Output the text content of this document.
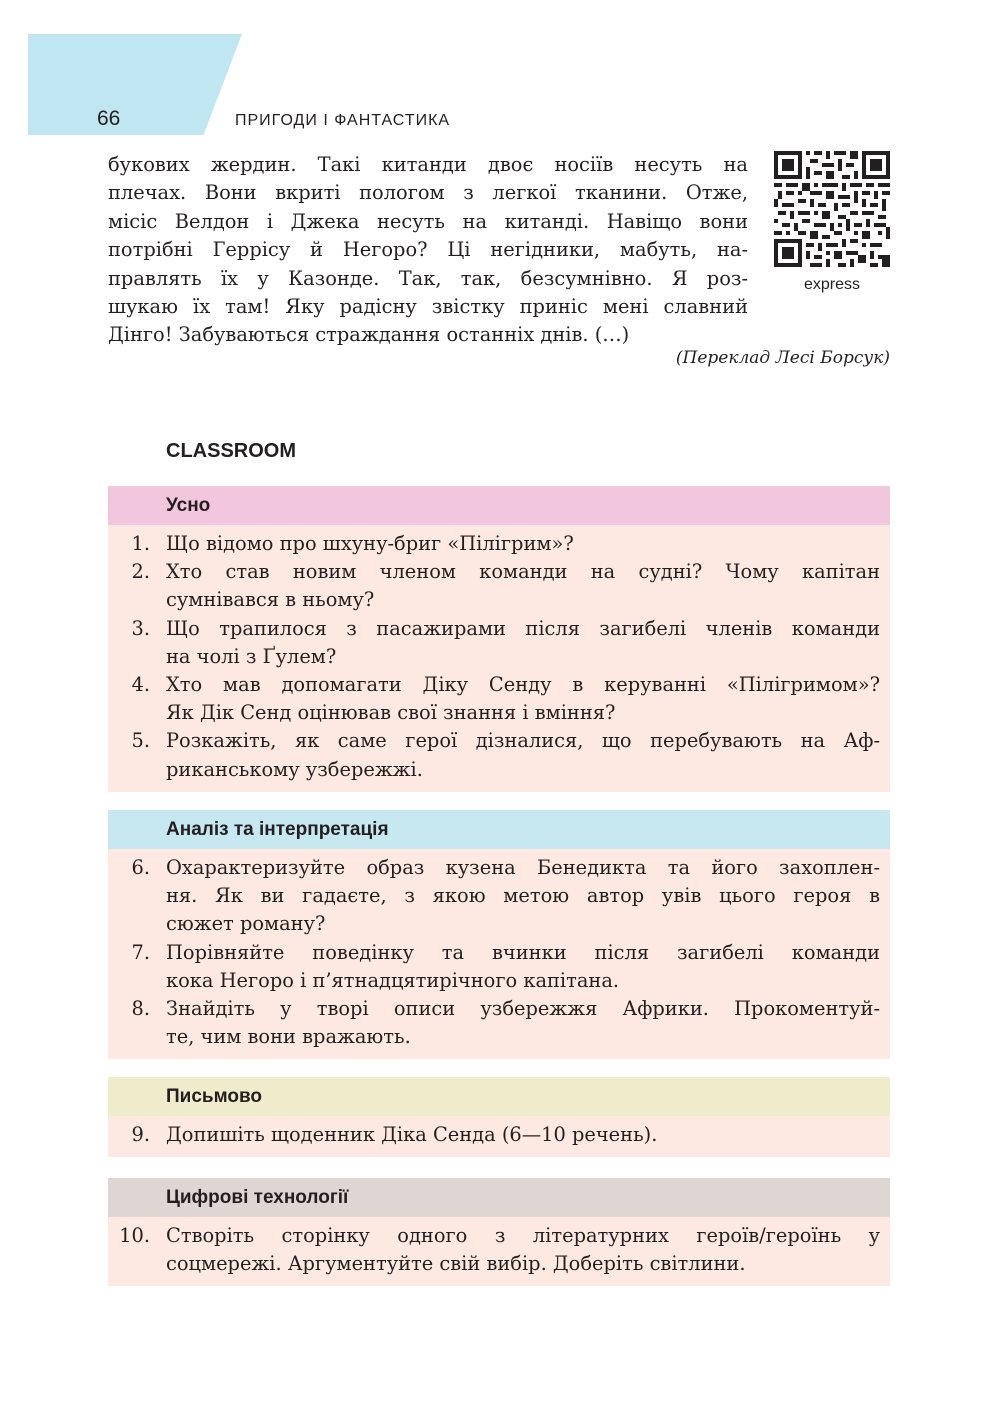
66	ПРИГОДИ І ФАНТАСТИКА
букових жердин. Такі китанди двоє носіїв несуть на
плечах. Вони вкриті пологом з легкої тканини. Отже,
місіс Велдон і Джека несуть на китанді. Навіщо вони
потрібні Геррісу й Негоро? Ці негідники, мабуть, на-
правлять їх у Казонде. Так, так, безсумнівно. Я роз-
шукаю їх там! Яку радісну звістку приніс мені славний
Дінго! Забуваються страждання останніх днів. (…)
express
(Переклад Лесі Борсук)
CLASSROOM
Усно
1. Що відомо про шхуну-бриг «Пілігрим»?
2. Хто став новим членом команди на судні? Чому капітан
сумнівався в ньому?
3. Що трапилося з пасажирами після загибелі членів команди
на чолі з Ґулем?
4. Хто мав допомагати Діку Сенду в керуванні «Пілігримом»?
Як Дік Сенд оцінював свої знання і вміння?
5. Розкажіть, як саме герої дізналися, що перебувають на Аф-
риканському узбережжі.
Аналіз та інтерпретація
6. Охарактеризуйте образ кузена Бенедикта та його захоплен-
ня. Як ви гадаєте, з якою метою автор увів цього героя в
сюжет роману?
7. Порівняйте поведінку та вчинки після загибелі команди
кока Негоро і п’ятнадцятирічного капітана.
8. Знайдіть у творі описи узбережжя Африки. Прокоментуй-
те, чим вони вражають.
Письмово
9. Допишіть щоденник Діка Сенда (6—10 речень).
Цифрові технології
10. Створіть сторінку одного з літературних героїв/героїнь у
соцмережі. Аргументуйте свій вибір. Доберіть світлини.
